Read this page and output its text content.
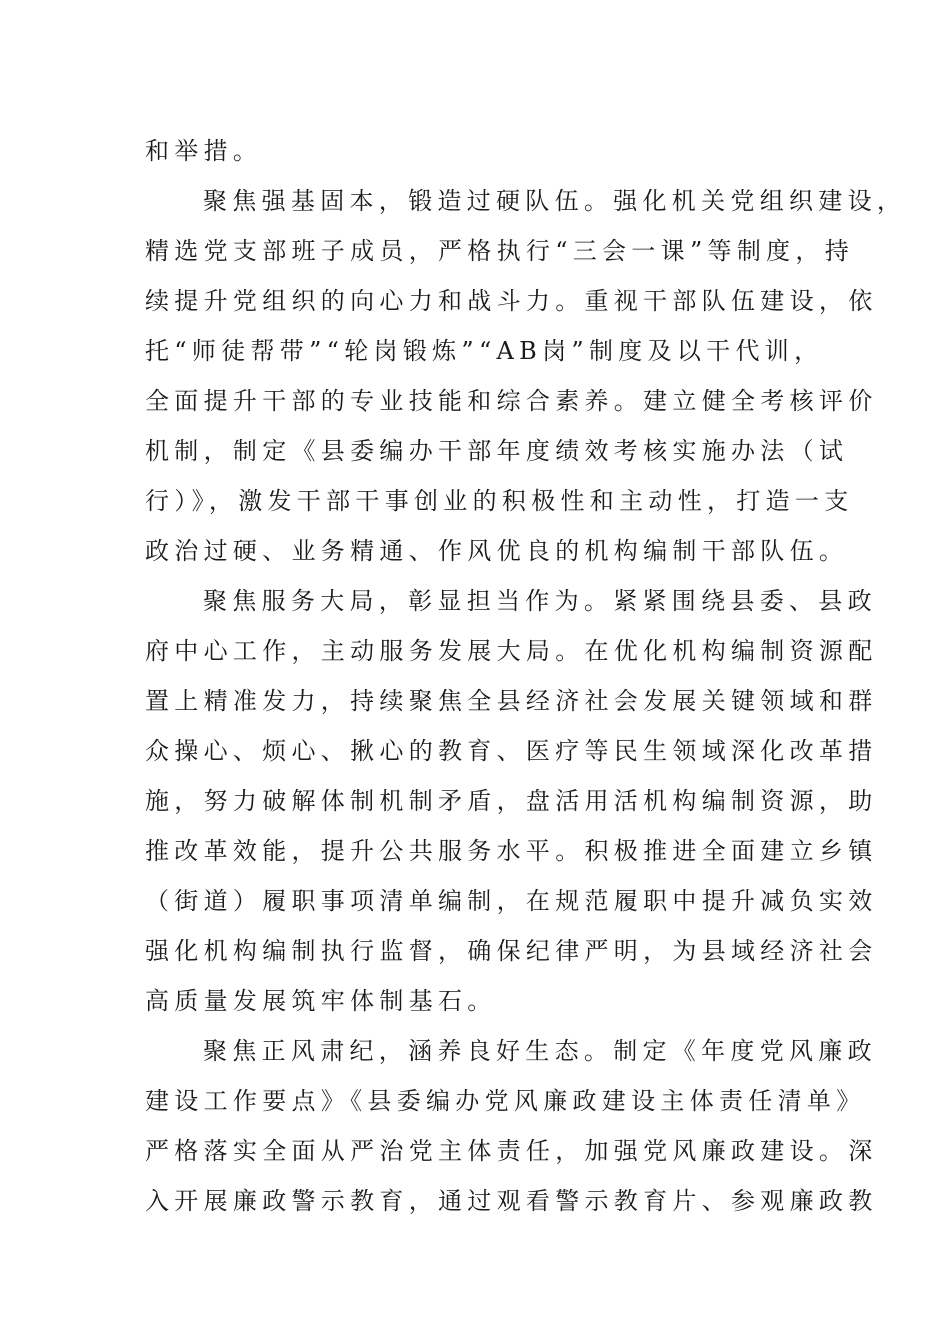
和举措。
聚焦强基固本，锻造过硬队伍。强化机关党组织建设，
精选党支部班子成员，严格执行“三会一课”等制度，持
续提升党组织的向心力和战斗力。重视干部队伍建设，依
托“师徒帮带”“轮岗锻炼”“AB岗”制度及以干代训，
全面提升干部的专业技能和综合素养。建立健全考核评价
机制，制定《县委编办干部年度绩效考核实施办法（试
行）》，激发干部干事创业的积极性和主动性，打造一支
政治过硬、业务精通、作风优良的机构编制干部队伍。
聚焦服务大局，彰显担当作为。紧紧围绕县委、县政
府中心工作，主动服务发展大局。在优化机构编制资源配
置上精准发力，持续聚焦全县经济社会发展关键领域和群
众操心、烦心、揪心的教育、医疗等民生领域深化改革措
施，努力破解体制机制矛盾，盘活用活机构编制资源，助
推改革效能，提升公共服务水平。积极推进全面建立乡镇
（街道）履职事项清单编制，在规范履职中提升减负实效
强化机构编制执行监督，确保纪律严明，为县域经济社会
高质量发展筑牢体制基石。
聚焦正风肃纪，涵养良好生态。制定《年度党风廉政
建设工作要点》《县委编办党风廉政建设主体责任清单》
严格落实全面从严治党主体责任，加强党风廉政建设。深
入开展廉政警示教育，通过观看警示教育片、参观廉政教
